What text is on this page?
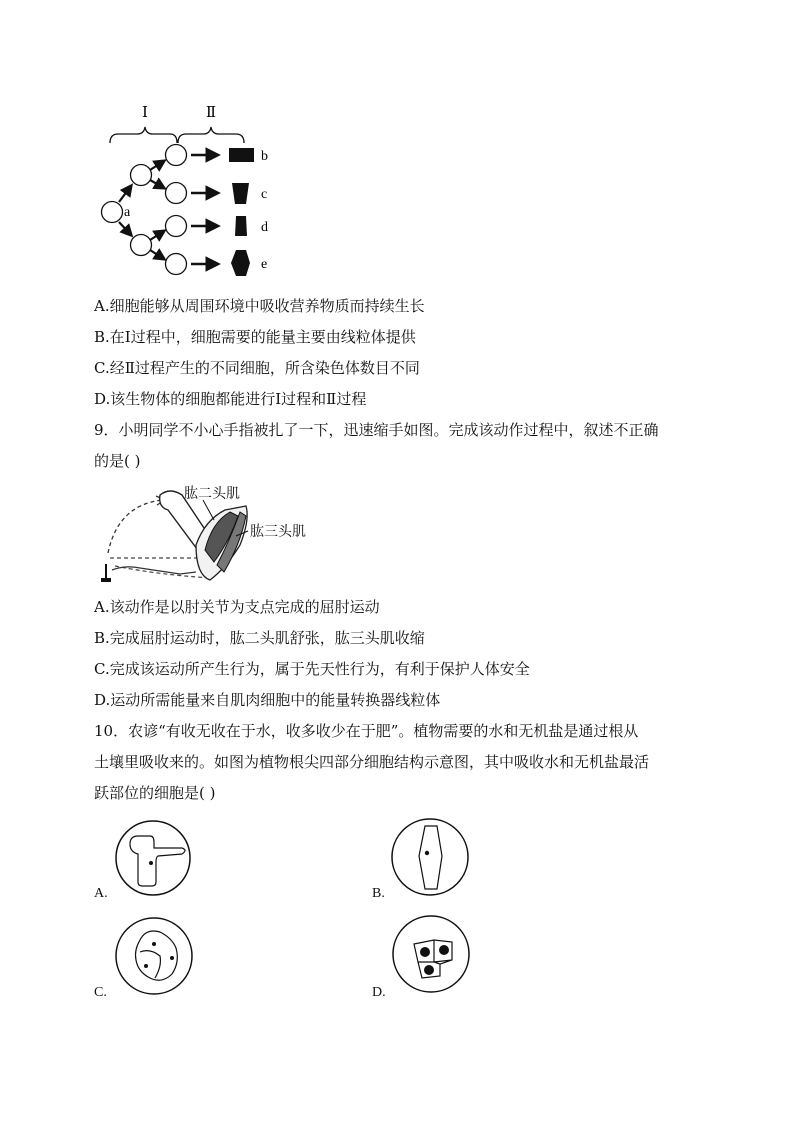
Ⅰ	Ⅱ
a
b
c
d
e
A.细胞能够从周围环境中吸收营养物质而持续生长
B.在Ⅰ过程中，细胞需要的能量主要由线粒体提供
C.经Ⅱ过程产生的不同细胞，所含染色体数目不同
D.该生物体的细胞都能进行Ⅰ过程和Ⅱ过程
9．小明同学不小心手指被扎了一下，迅速缩手如图。完成该动作过程中，叙述不正确
的是( )
肱二头肌
肱三头肌
A.该动作是以肘关节为支点完成的屈肘运动
B.完成屈肘运动时，肱二头肌舒张，肱三头肌收缩
C.完成该运动所产生行为，属于先天性行为，有利于保护人体安全
D.运动所需能量来自肌肉细胞中的能量转换器线粒体
10．农谚“有收无收在于水，收多收少在于肥”。植物需要的水和无机盐是通过根从
土壤里吸收来的。如图为植物根尖四部分细胞结构示意图，其中吸收水和无机盐最活
跃部位的细胞是( )
A.	B.
C.	D.
